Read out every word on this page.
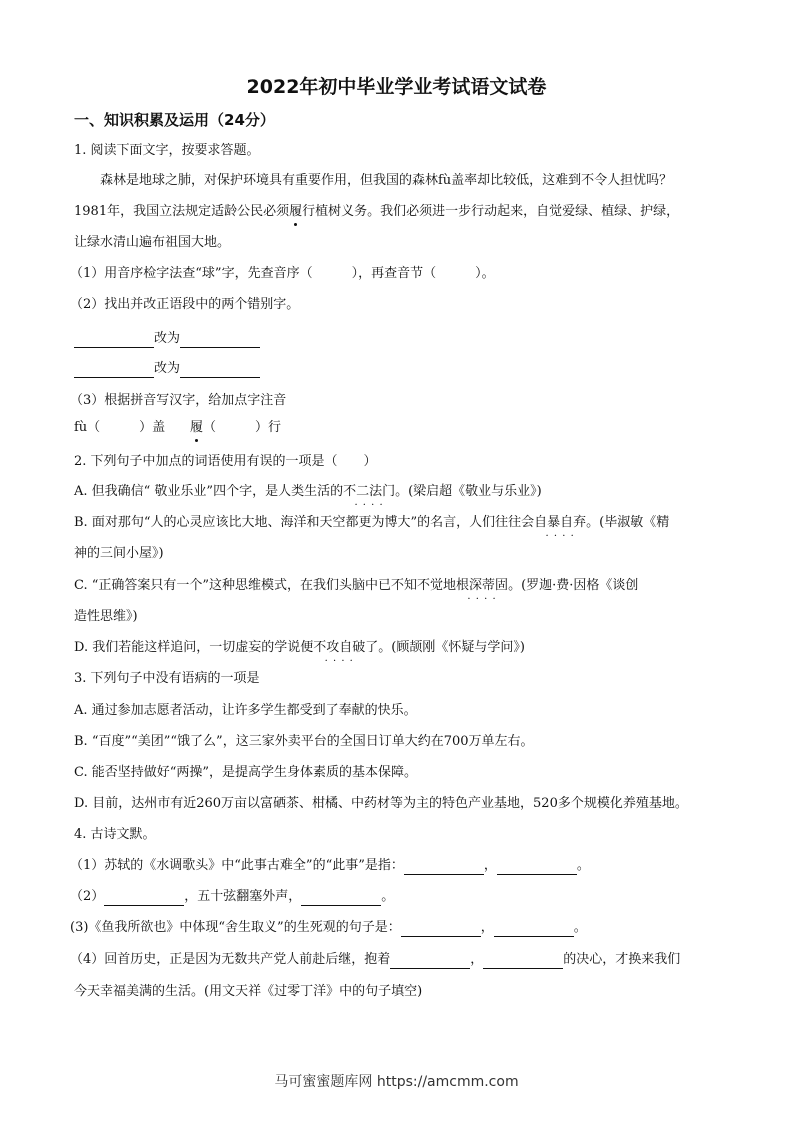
2022年初中毕业学业考试语文试卷
一、知识积累及运用（24分）
1. 阅读下面文字，按要求答题。
森林是地球之肺，对保护环境具有重要作用，但我国的森林fù盖率却比较低，这难到不令人担忧吗？
1981年，我国立法规定适龄公民必须履行植树义务。我们必须进一步行动起来，自觉爱绿、植绿、护绿，
让绿水清山遍布祖国大地。
（1）用音序检字法查“球”字，先查音序（　　　），再查音节（　　　）。
（2）找出并改正语段中的两个错别字。
改为
改为
（3）根据拼音写汉字，给加点字注音
fù（　　　）盖 履（　　　）行
2. 下列句子中加点的词语使用有误的一项是（　　）
A. 但我确信“ 敬业乐业”四个字，是人类生活的不二法门 · · · ·。(梁启超《敬业与乐业》)
B. 面对那句“人的心灵应该比大地、海洋和天空都更为博大”的名言，人们往往会自暴自弃 · · · ·。(毕淑敏《精
神的三间小屋》)
C. “正确答案只有一个”这种思维模式，在我们头脑中已不知不觉地根深蒂固 · · · ·。(罗迦·费·因格《谈创
造性思维》)
D. 我们若能这样追问，一切虚妄的学说便不攻自破 · · · ·了。(顾颉刚《怀疑与学问》)
3. 下列句子中没有语病的一项是
A. 通过参加志愿者活动，让许多学生都受到了奉献的快乐。
B. “百度”“美团”“饿了么”，这三家外卖平台的全国日订单大约在700万单左右。
C. 能否坚持做好“两操”，是提高学生身体素质的基本保障。
D. 目前，达州市有近260万亩以富硒茶、柑橘、中药材等为主的特色产业基地，520多个规模化养殖基地。
4. 古诗文默。
（1）苏轼的《水调歌头》中“此事古难全”的“此事”是指：	，	。
（2）	，五十弦翻塞外声，	。
(3)《鱼我所欲也》中体现“舍生取义”的生死观的句子是：	，	。
（4）回首历史，正是因为无数共产党人前赴后继，抱着	，	的决心，才换来我们
今天幸福美满的生活。(用文天祥《过零丁洋》中的句子填空)
马可蜜蜜题库网 https://amcmm.com
